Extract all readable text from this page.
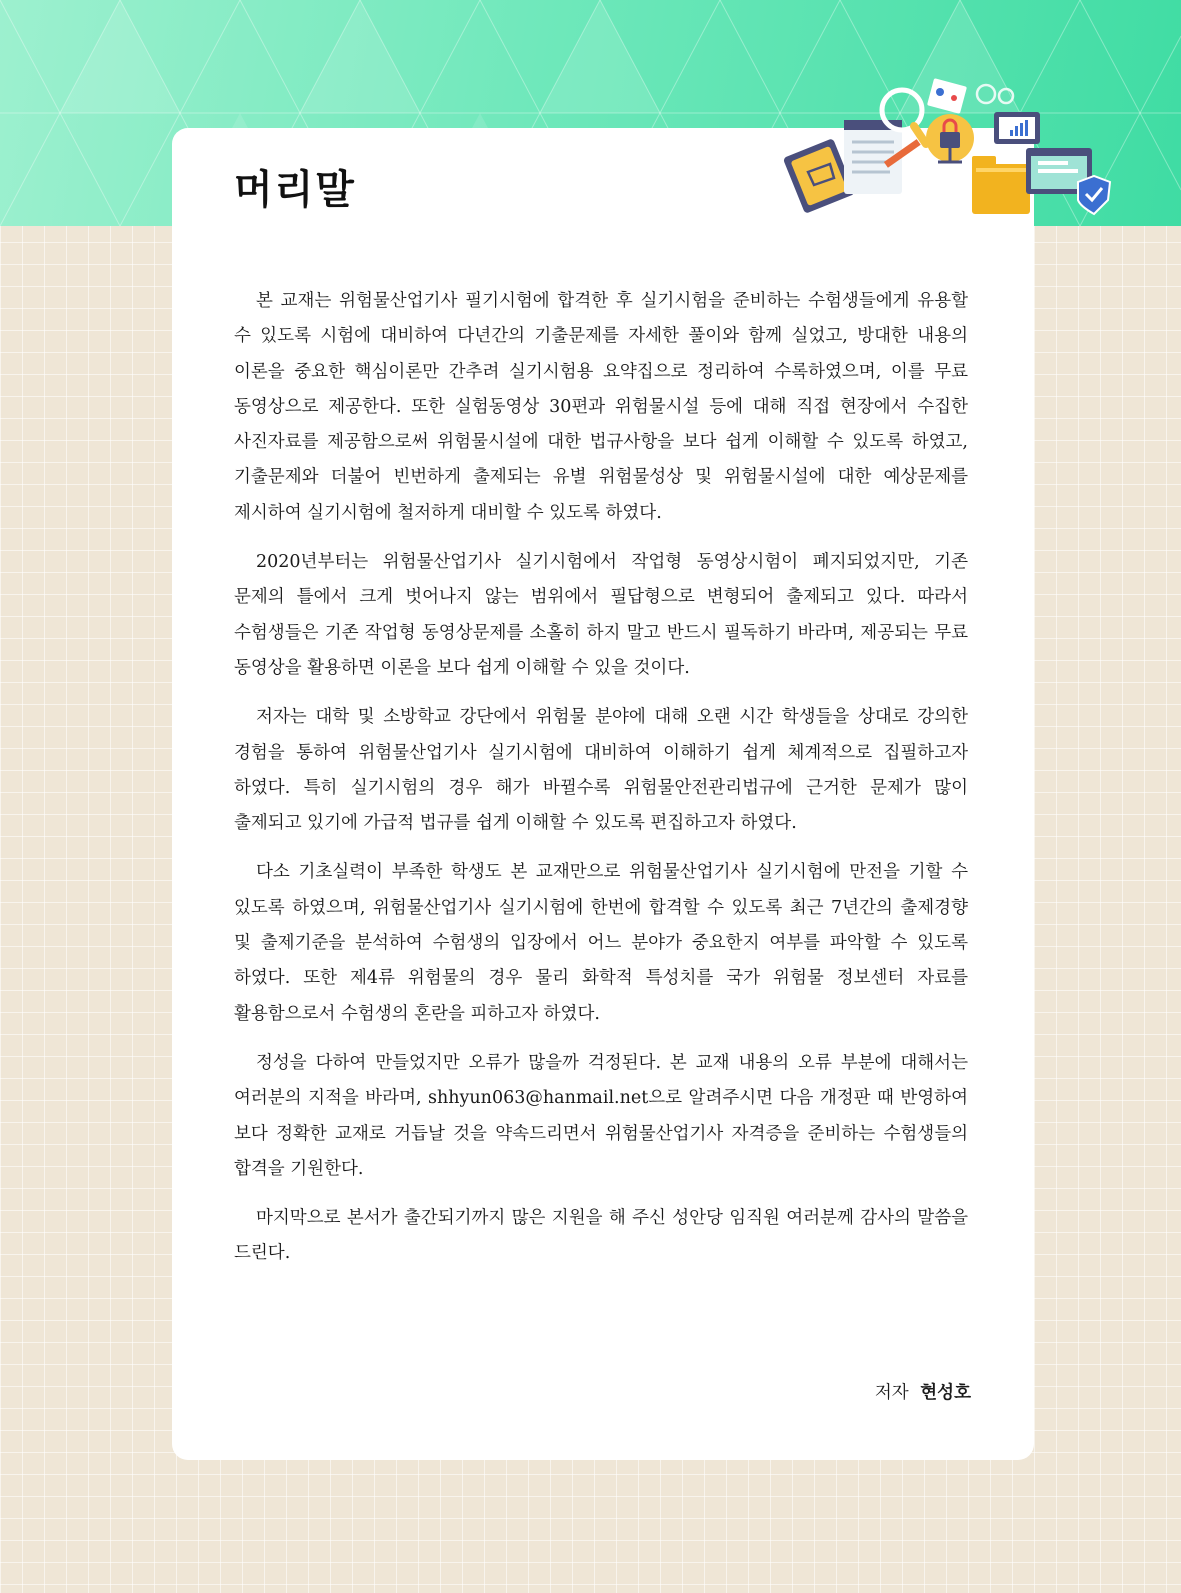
머리말

본 교재는 위험물산업기사 필기시험에 합격한 후 실기시험을 준비하는 수험생들에게 유용할 수 있도록 시험에 대비하여 다년간의 기출문제를 자세한 풀이와 함께 실었고, 방대한 내용의 이론을 중요한 핵심이론만 간추려 실기시험용 요약집으로 정리하여 수록하였으며, 이를 무료 동영상으로 제공한다. 또한 실험동영상 30편과 위험물시설 등에 대해 직접 현장에서 수집한 사진자료를 제공함으로써 위험물시설에 대한 법규사항을 보다 쉽게 이해할 수 있도록 하였고, 기출문제와 더불어 빈번하게 출제되는 유별 위험물성상 및 위험물시설에 대한 예상문제를 제시하여 실기시험에 철저하게 대비할 수 있도록 하였다.

2020년부터는 위험물산업기사 실기시험에서 작업형 동영상시험이 폐지되었지만, 기존 문제의 틀에서 크게 벗어나지 않는 범위에서 필답형으로 변형되어 출제되고 있다. 따라서 수험생들은 기존 작업형 동영상문제를 소홀히 하지 말고 반드시 필독하기 바라며, 제공되는 무료 동영상을 활용하면 이론을 보다 쉽게 이해할 수 있을 것이다.

저자는 대학 및 소방학교 강단에서 위험물 분야에 대해 오랜 시간 학생들을 상대로 강의한 경험을 통하여 위험물산업기사 실기시험에 대비하여 이해하기 쉽게 체계적으로 집필하고자 하였다. 특히 실기시험의 경우 해가 바뀔수록 위험물안전관리법규에 근거한 문제가 많이 출제되고 있기에 가급적 법규를 쉽게 이해할 수 있도록 편집하고자 하였다.

다소 기초실력이 부족한 학생도 본 교재만으로 위험물산업기사 실기시험에 만전을 기할 수 있도록 하였으며, 위험물산업기사 실기시험에 한번에 합격할 수 있도록 최근 7년간의 출제경향 및 출제기준을 분석하여 수험생의 입장에서 어느 분야가 중요한지 여부를 파악할 수 있도록 하였다. 또한 제4류 위험물의 경우 물리 화학적 특성치를 국가 위험물 정보센터 자료를 활용함으로서 수험생의 혼란을 피하고자 하였다.

정성을 다하여 만들었지만 오류가 많을까 걱정된다. 본 교재 내용의 오류 부분에 대해서는 여러분의 지적을 바라며, shhyun063@hanmail.net으로 알려주시면 다음 개정판 때 반영하여 보다 정확한 교재로 거듭날 것을 약속드리면서 위험물산업기사 자격증을 준비하는 수험생들의 합격을 기원한다.

마지막으로 본서가 출간되기까지 많은 지원을 해 주신 성안당 임직원 여러분께 감사의 말씀을 드린다.

저자 현성호
